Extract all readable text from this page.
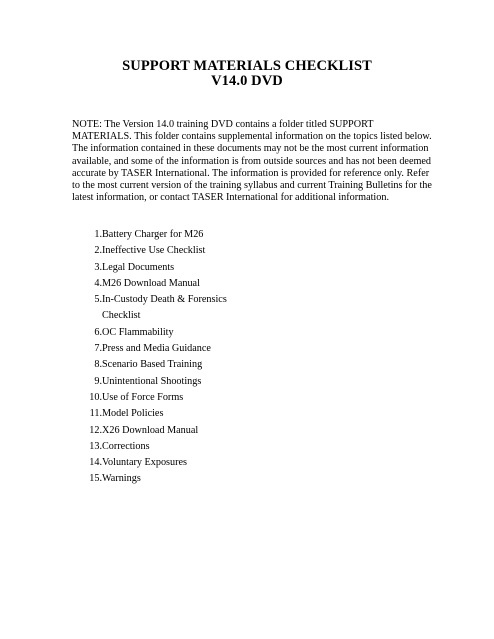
SUPPORT MATERIALS CHECKLIST
V14.0 DVD
NOTE: The Version 14.0 training DVD contains a folder titled SUPPORT
MATERIALS. This folder contains supplemental information on the topics listed below.
The information contained in these documents may not be the most current information
available, and some of the information is from outside sources and has not been deemed
accurate by TASER International. The information is provided for reference only. Refer
to the most current version of the training syllabus and current Training Bulletins for the
latest information, or contact TASER International for additional information.
1. Battery Charger for M26
2. Ineffective Use Checklist
3. Legal Documents
4. M26 Download Manual
5. In-Custody Death & Forensics
Checklist
6. OC Flammability
7. Press and Media Guidance
8. Scenario Based Training
9. Unintentional Shootings
10. Use of Force Forms
11. Model Policies
12. X26 Download Manual
13. Corrections
14. Voluntary Exposures
15. Warnings
